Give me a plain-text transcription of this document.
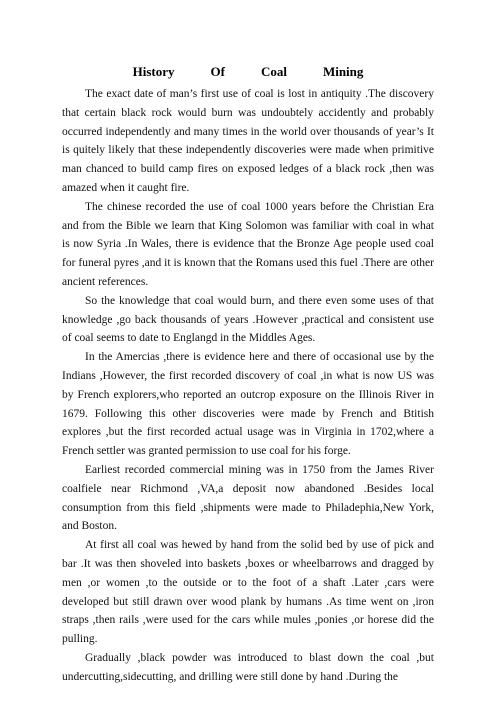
History	Of	Coal	Mining

The exact date of man’s first use of coal is lost in antiquity .The discovery that certain black rock would burn was undoubtely accidently and probably occurred independently and many times in the world over thousands of year’s It is quitely likely that these independently discoveries were made when primitive man chanced to build camp fires on exposed ledges of a black rock ,then was amazed when it caught fire.

The chinese recorded the use of coal 1000 years before the Christian Era and from the Bible we learn that King Solomon was familiar with coal in what is now Syria .In Wales, there is evidence that the Bronze Age people used coal for funeral pyres ,and it is known that the Romans used this fuel .There are other ancient references.

So the knowledge that coal would burn, and there even some uses of that knowledge ,go back thousands of years .However ,practical and consistent use of coal seems to date to Englangd in the Middles Ages.

In the Amercias ,there is evidence here and there of occasional use by the Indians ,However, the first recorded discovery of coal ,in what is now US was by French explorers,who reported an outcrop exposure on the Illinois River in 1679. Following this other discoveries were made by French and Btitish explores ,but the first recorded actual usage was in Virginia in 1702,where a French settler was granted permission to use coal for his forge.

Earliest recorded commercial mining was in 1750 from the James River coalfiele near Richmond ,VA,a deposit now abandoned .Besides local consumption from this field ,shipments were made to Philadephia,New York, and Boston.

At first all coal was hewed by hand from the solid bed by use of pick and bar .It was then shoveled into baskets ,boxes or wheelbarrows and dragged by men ,or women ,to the outside or to the foot of a shaft .Later ,cars were developed but still drawn over wood plank by humans .As time went on ,iron straps ,then rails ,were used for the cars while mules ,ponies ,or horese did the pulling.

Gradually ,black powder was introduced to blast down the coal ,but undercutting,sidecutting, and drilling were still done by hand .During the
